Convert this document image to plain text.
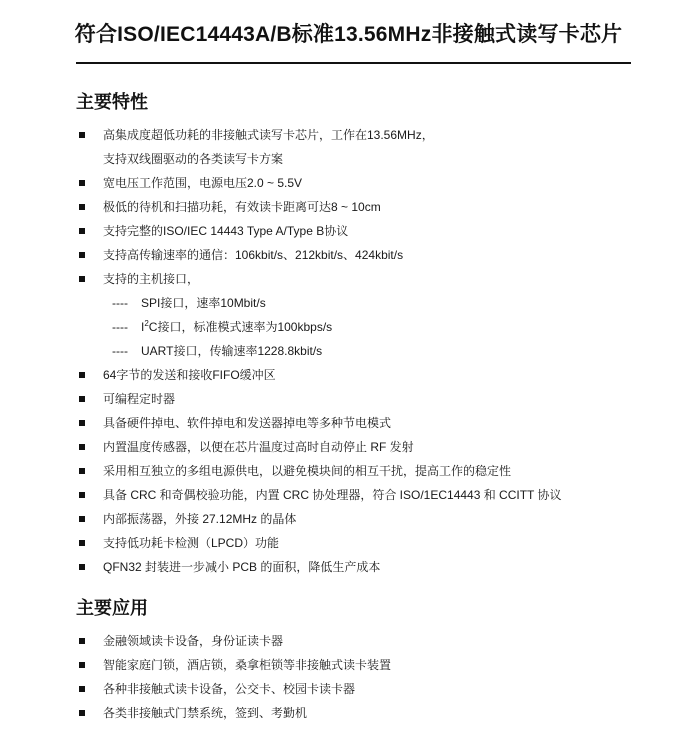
符合ISO/IEC14443A/B标准13.56MHz非接触式读写卡芯片
主要特性
高集成度超低功耗的非接触式读写卡芯片，工作在13.56MHz，
支持双线圈驱动的各类读写卡方案
宽电压工作范围，电源电压2.0 ~ 5.5V
极低的待机和扫描功耗，有效读卡距离可达8 ~ 10cm
支持完整的ISO/IEC 14443 Type A/Type B协议
支持高传输速率的通信：106kbit/s、212kbit/s、424kbit/s
支持的主机接口，
---- SPI接口，速率10Mbit/s
---- $I^2C$接口，标准模式速率为100kbps/s
---- UART接口，传输速率1228.8kbit/s
64字节的发送和接收FIFO缓冲区
可编程定时器
具备硬件掉电、软件掉电和发送器掉电等多种节电模式
内置温度传感器，以便在芯片温度过高时自动停止 RF 发射
采用相互独立的多组电源供电，以避免模块间的相互干扰，提高工作的稳定性
具备 CRC 和奇偶校验功能，内置 CRC 协处理器，符合 ISO/1EC14443 和 CCITT 协议
内部振荡器，外接 27.12MHz 的晶体
支持低功耗卡检测（LPCD）功能
QFN32 封装进一步减小 PCB 的面积，降低生产成本
主要应用
金融领域读卡设备，身份证读卡器
智能家庭门锁，酒店锁，桑拿柜锁等非接触式读卡装置
各种非接触式读卡设备，公交卡、校园卡读卡器
各类非接触式门禁系统，签到、考勤机
